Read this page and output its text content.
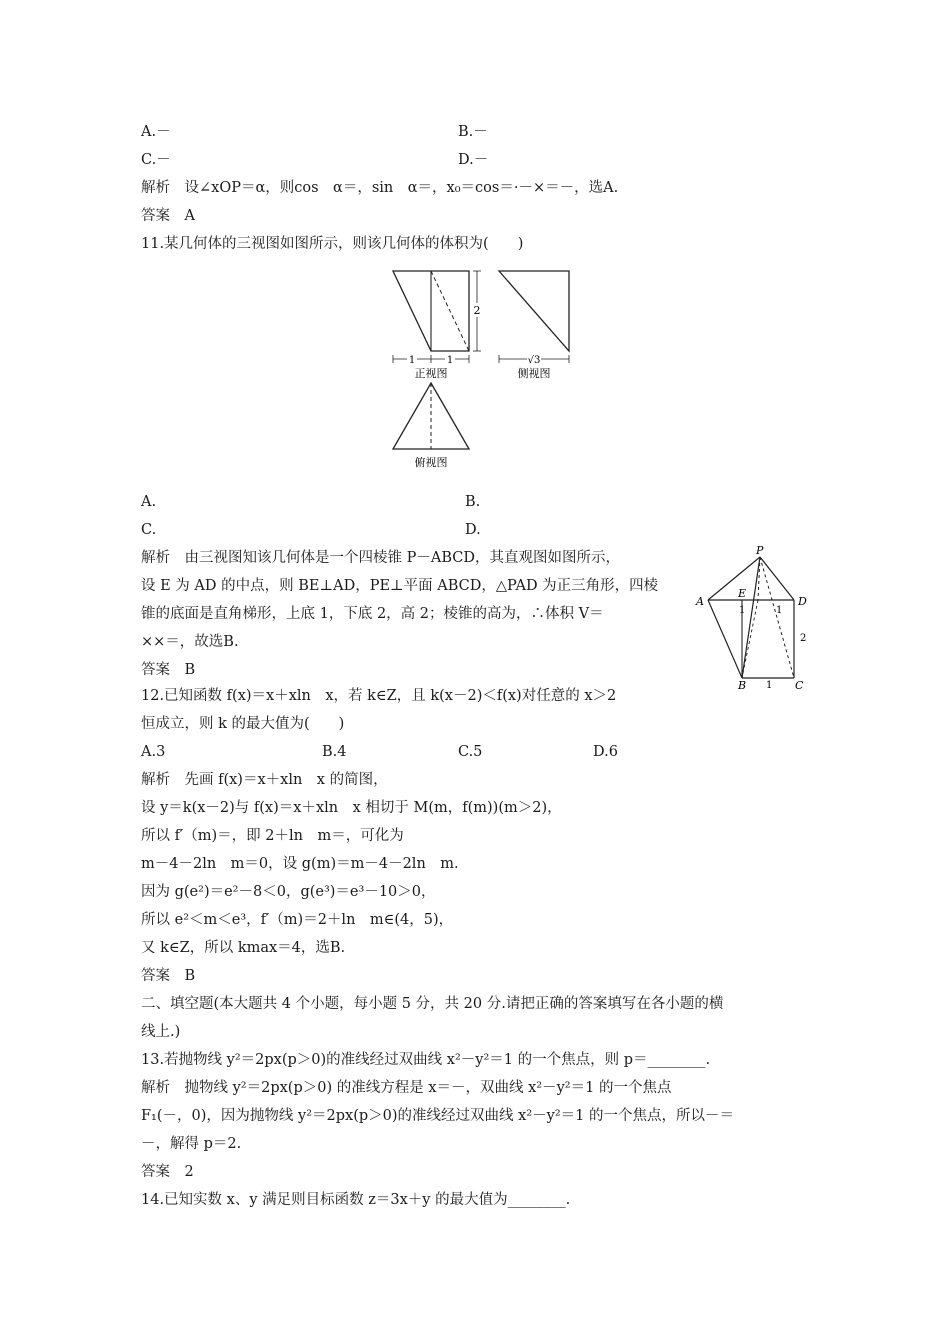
A.－	B.－
C.－	D.－
解析　设∠xOP＝α，则cos　α＝，sin　α＝，x₀＝cos＝·－×＝－，选A.
答案　A
11.某几何体的三视图如图所示，则该几何体的体积为(　　)
2
1	1
正视图
√3
侧视图
俯视图
A.	B.
C.	D.
解析　由三视图知该几何体是一个四棱锥 P－ABCD，其直观图如图所示，
设 E 为 AD 的中点，则 BE⊥AD，PE⊥平面 ABCD，△PAD 为正三角形，四棱
锥的底面是直角梯形，上底 1，下底 2，高 2；棱锥的高为，∴体积 V＝
××＝，故选B.
答案　B
P
A
E
D
B	C
1	1
2
1
12.已知函数 f(x)＝x＋xln　x，若 k∈Z，且 k(x－2)＜f(x)对任意的 x＞2
恒成立，则 k 的最大值为(　　)
A.3	B.4	C.5	D.6
解析　先画 f(x)＝x＋xln　x 的简图，
设 y＝k(x－2)与 f(x)＝x＋xln　x 相切于 M(m，f(m))(m＞2)，
所以 f′（m)＝，即 2＋ln　m＝，可化为
m－4－2ln　m＝0，设 g(m)＝m－4－2ln　m.
因为 g(e²)＝e²－8＜0，g(e³)＝e³－10＞0，
所以 e²＜m＜e³，f′（m)＝2＋ln　m∈(4，5)，
又 k∈Z，所以 kmax＝4，选B.
答案　B
二、填空题(本大题共 4 个小题，每小题 5 分，共 20 分.请把正确的答案填写在各小题的横
线上.)
13.若抛物线 y²＝2px(p＞0)的准线经过双曲线 x²－y²＝1 的一个焦点，则 p＝________.
解析　抛物线 y²＝2px(p＞0) 的准线方程是 x＝－，双曲线 x²－y²＝1 的一个焦点
F₁(－，0)，因为抛物线 y²＝2px(p＞0)的准线经过双曲线 x²－y²＝1 的一个焦点，所以－＝
－，解得 p＝2.
答案　2
14.已知实数 x、y 满足则目标函数 z＝3x＋y 的最大值为________.
